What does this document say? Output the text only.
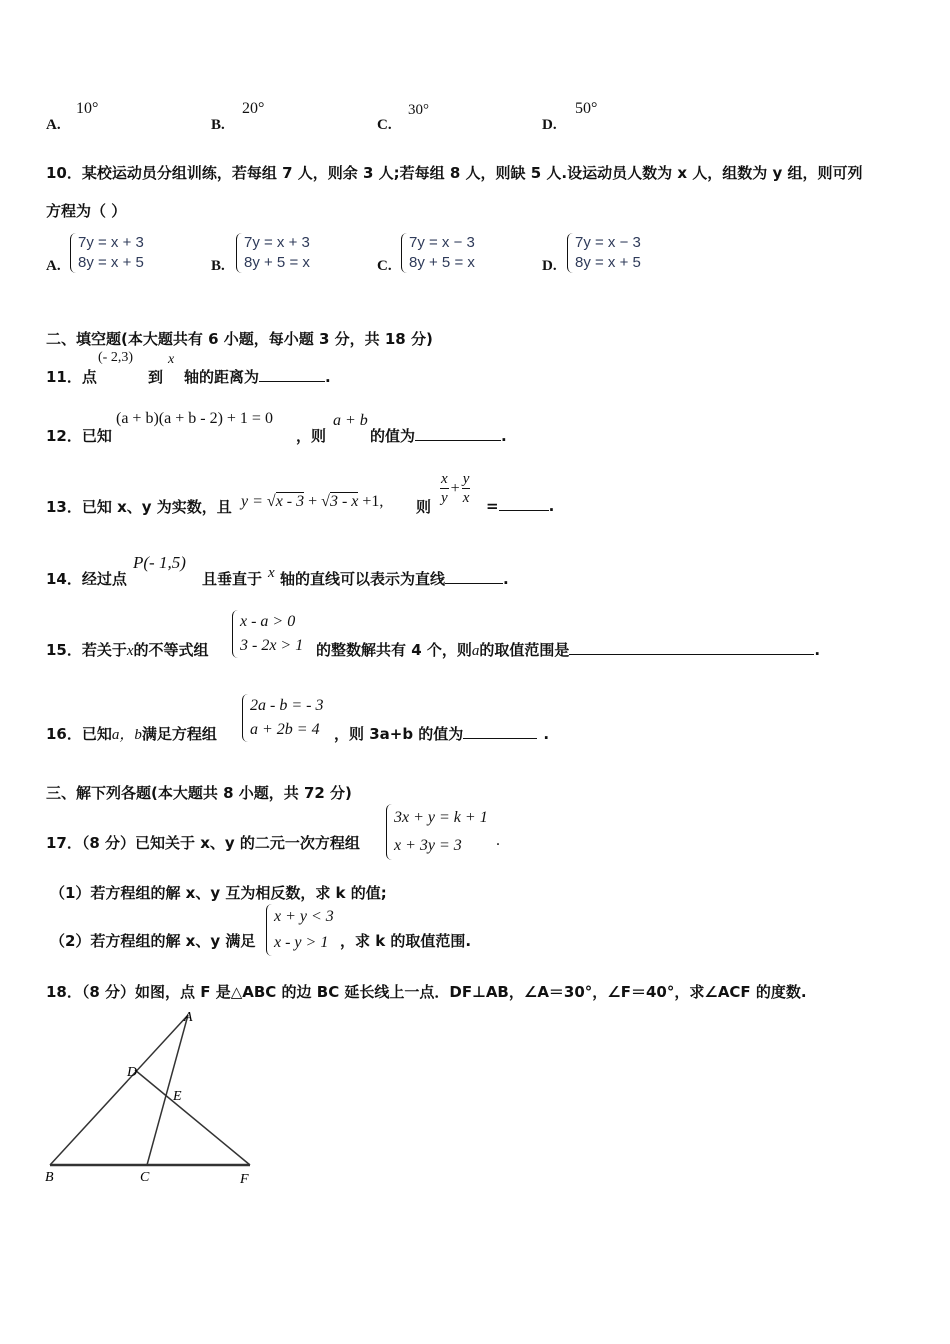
A.
10°
B.
20°
C.
30°
D.
50°
10．某校运动员分组训练，若每组 7 人，则余 3 人;若每组 8 人，则缺 5 人.设运动员人数为 x 人，组数为 y 组，则可列
方程为（ ）
A.
7y = x + 3
8y = x + 5	B.
7y = x + 3
8y + 5 = x	C.
7y = x − 3
8y + 5 = x	D.
7y = x − 3
8y = x + 5
二、填空题(本大题共有 6 小题，每小题 3 分，共 18 分)
11．点
(- 2,3)
到
x
轴的距离为	.
12．已知
(a + b)(a + b - 2) + 1 = 0
，则
a + b
的值为	.
13．已知 x、y 为实数，且 y = √x - 3 + √3 - x +1, 则 $\frac{x}{y} + \frac{y}{x}$ =	.
14．经过点
P(- 1,5)
且垂直于 x 轴的直线可以表示为直线	.
15．若关于x的不等式组
x - a > 0
3 - 2x > 1 的整数解共有 4 个，则a的取值范围是	.
16．已知a，b满足方程组
2a - b = - 3
a + 2b = 4 ，则 3a+b 的值为	.
三、解下列各题(本大题共 8 小题，共 72 分)
17．（8 分）已知关于 x、y 的二元一次方程组
3x + y = k + 1
x + 3y = 3	.
（1）若方程组的解 x、y 互为相反数，求 k 的值;
（2）若方程组的解 x、y 满足
x + y < 3
x - y > 1 ，求 k 的取值范围.
18．（8 分）如图，点 F 是△ABC 的边 BC 延长线上一点．DF⊥AB，∠A＝30°，∠F＝40°，求∠ACF 的度数.
A
B	C
D
E
F
